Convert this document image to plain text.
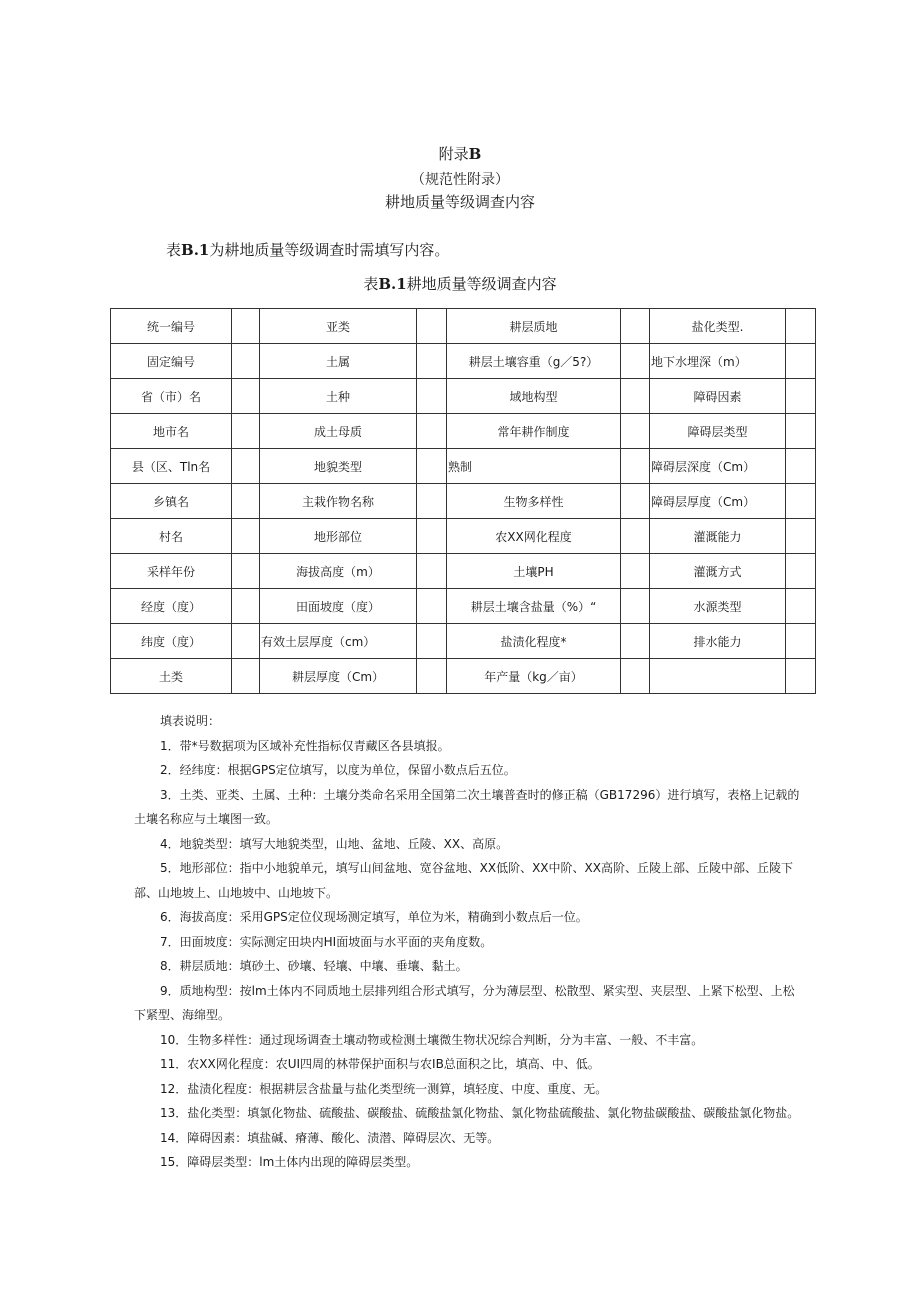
附录B
（规范性附录）
耕地质量等级调查内容
表B.1为耕地质量等级调查时需填写内容。
表B.1耕地质量等级调查内容
统一编号		亚类		耕层质地		盐化类型.	
固定编号		土属		耕层土壤容重（g／5?）		地下水埋深（m）	
省（市）名		土种		域地构型		障碍因素	
地市名		成土母质		常年耕作制度		障碍层类型	
县（区、Tln名		地貌类型		熟制		障碍层深度（Cm）	
乡镇名		主栽作物名称		生物多样性		障碍层厚度（Cm）	
村名		地形部位		农XX网化程度		灌溉能力	
采样年份		海拔高度（m）		土壤PH		灌溉方式	
经度（度）		田面坡度（度）		耕层土壤含盐量（%）“		水源类型	
纬度（度）		有效土层厚度（cm）		盐渍化程度*		排水能力	
土类		耕层厚度（Cm）		年产量（kg／亩）			
填表说明：
1．带*号数据项为区域补充性指标仅青藏区各县填报。
2．经纬度：根据GPS定位填写，以度为单位，保留小数点后五位。
3．土类、亚类、土属、土种：土壤分类命名采用全国第二次土壤普查时的修正稿（GB17296）进行填写，表格上记载的土壤名称应与土壤图一致。
4．地貌类型：填写大地貌类型，山地、盆地、丘陵、XX、高原。
5．地形部位：指中小地貌单元，填写山间盆地、宽谷盆地、XX低阶、XX中阶、XX高阶、丘陵上部、丘陵中部、丘陵下部、山地坡上、山地坡中、山地坡下。
6．海拔高度：采用GPS定位仪现场测定填写，单位为米，精确到小数点后一位。
7．田面坡度：实际测定田块内HI面坡面与水平面的夹角度数。
8．耕层质地：填砂土、砂壤、轻壤、中壤、垂壤、黏土。
9．质地构型：按lm土体内不同质地土层排列组合形式填写，分为薄层型、松散型、紧实型、夹层型、上紧下松型、上松下紧型、海绵型。
10．生物多样性：通过现场调查土壤动物或检测土壤微生物状况综合判断，分为丰富、一般、不丰富。
11．农XX网化程度：农UI四周的林带保护面积与农IB总面积之比，填高、中、低。
12．盐渍化程度：根据耕层含盐量与盐化类型统一测算，填轻度、中度、重度、无。
13．盐化类型：填氯化物盐、硫酸盐、碳酸盐、硫酸盐氯化物盐、氯化物盐硫酸盐、氯化物盐碳酸盐、碳酸盐氯化物盐。
14．障碍因素：填盐碱、瘠薄、酸化、渍潜、障碍层次、无等。
15．障碍层类型：lm土体内出现的障碍层类型。
